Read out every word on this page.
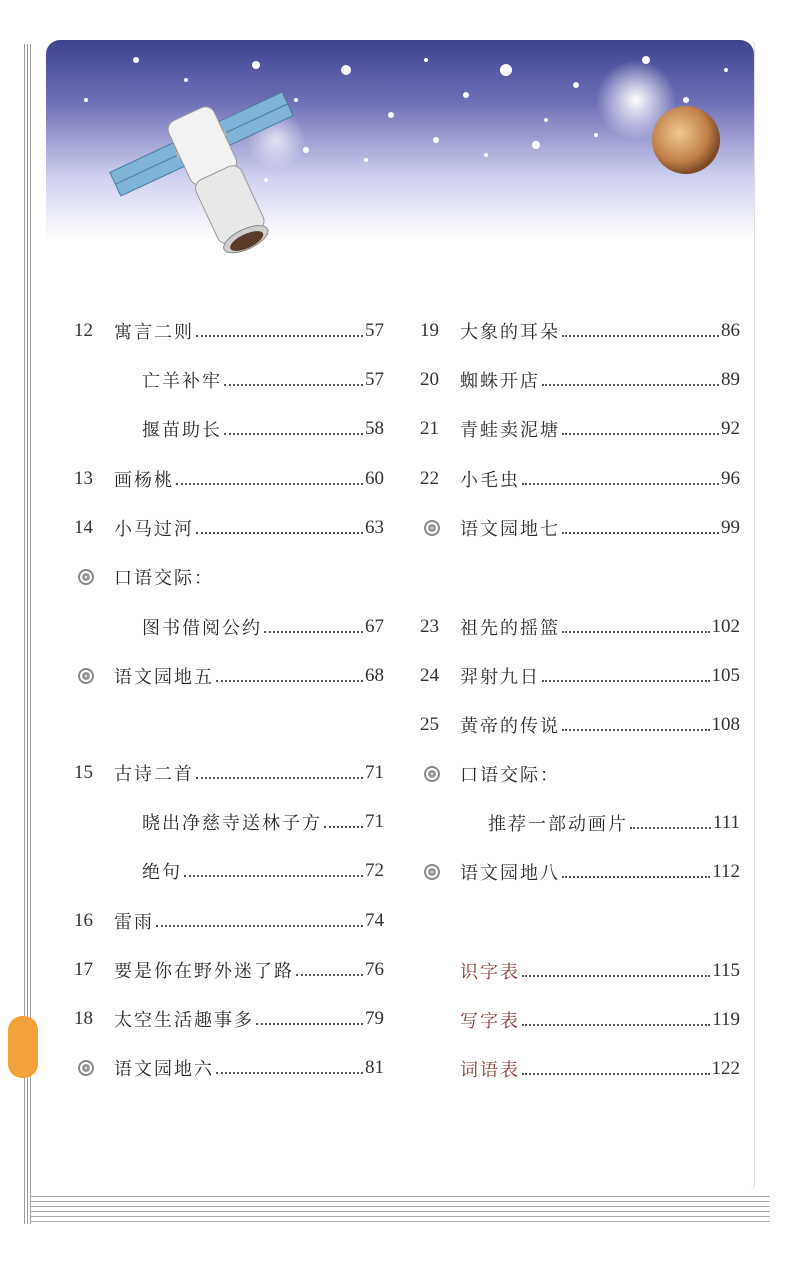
12	寓言二则	57
亡羊补牢	57
揠苗助长	58
13	画杨桃	60
14	小马过河	63
口语交际：
图书借阅公约	67
语文园地五	68
15	古诗二首	71
晓出净慈寺送林子方 71
绝句	72
16	雷雨	74
17	要是你在野外迷了路	76
18	太空生活趣事多	79
语文园地六	81
19	大象的耳朵	86
20	蜘蛛开店	89
21	青蛙卖泥塘	92
22	小毛虫	96
语文园地七	99
23	祖先的摇篮	102
24	羿射九日	105
25	黄帝的传说	108
口语交际：
推荐一部动画片	111
语文园地八	112
识字表	115
写字表	119
词语表	122
